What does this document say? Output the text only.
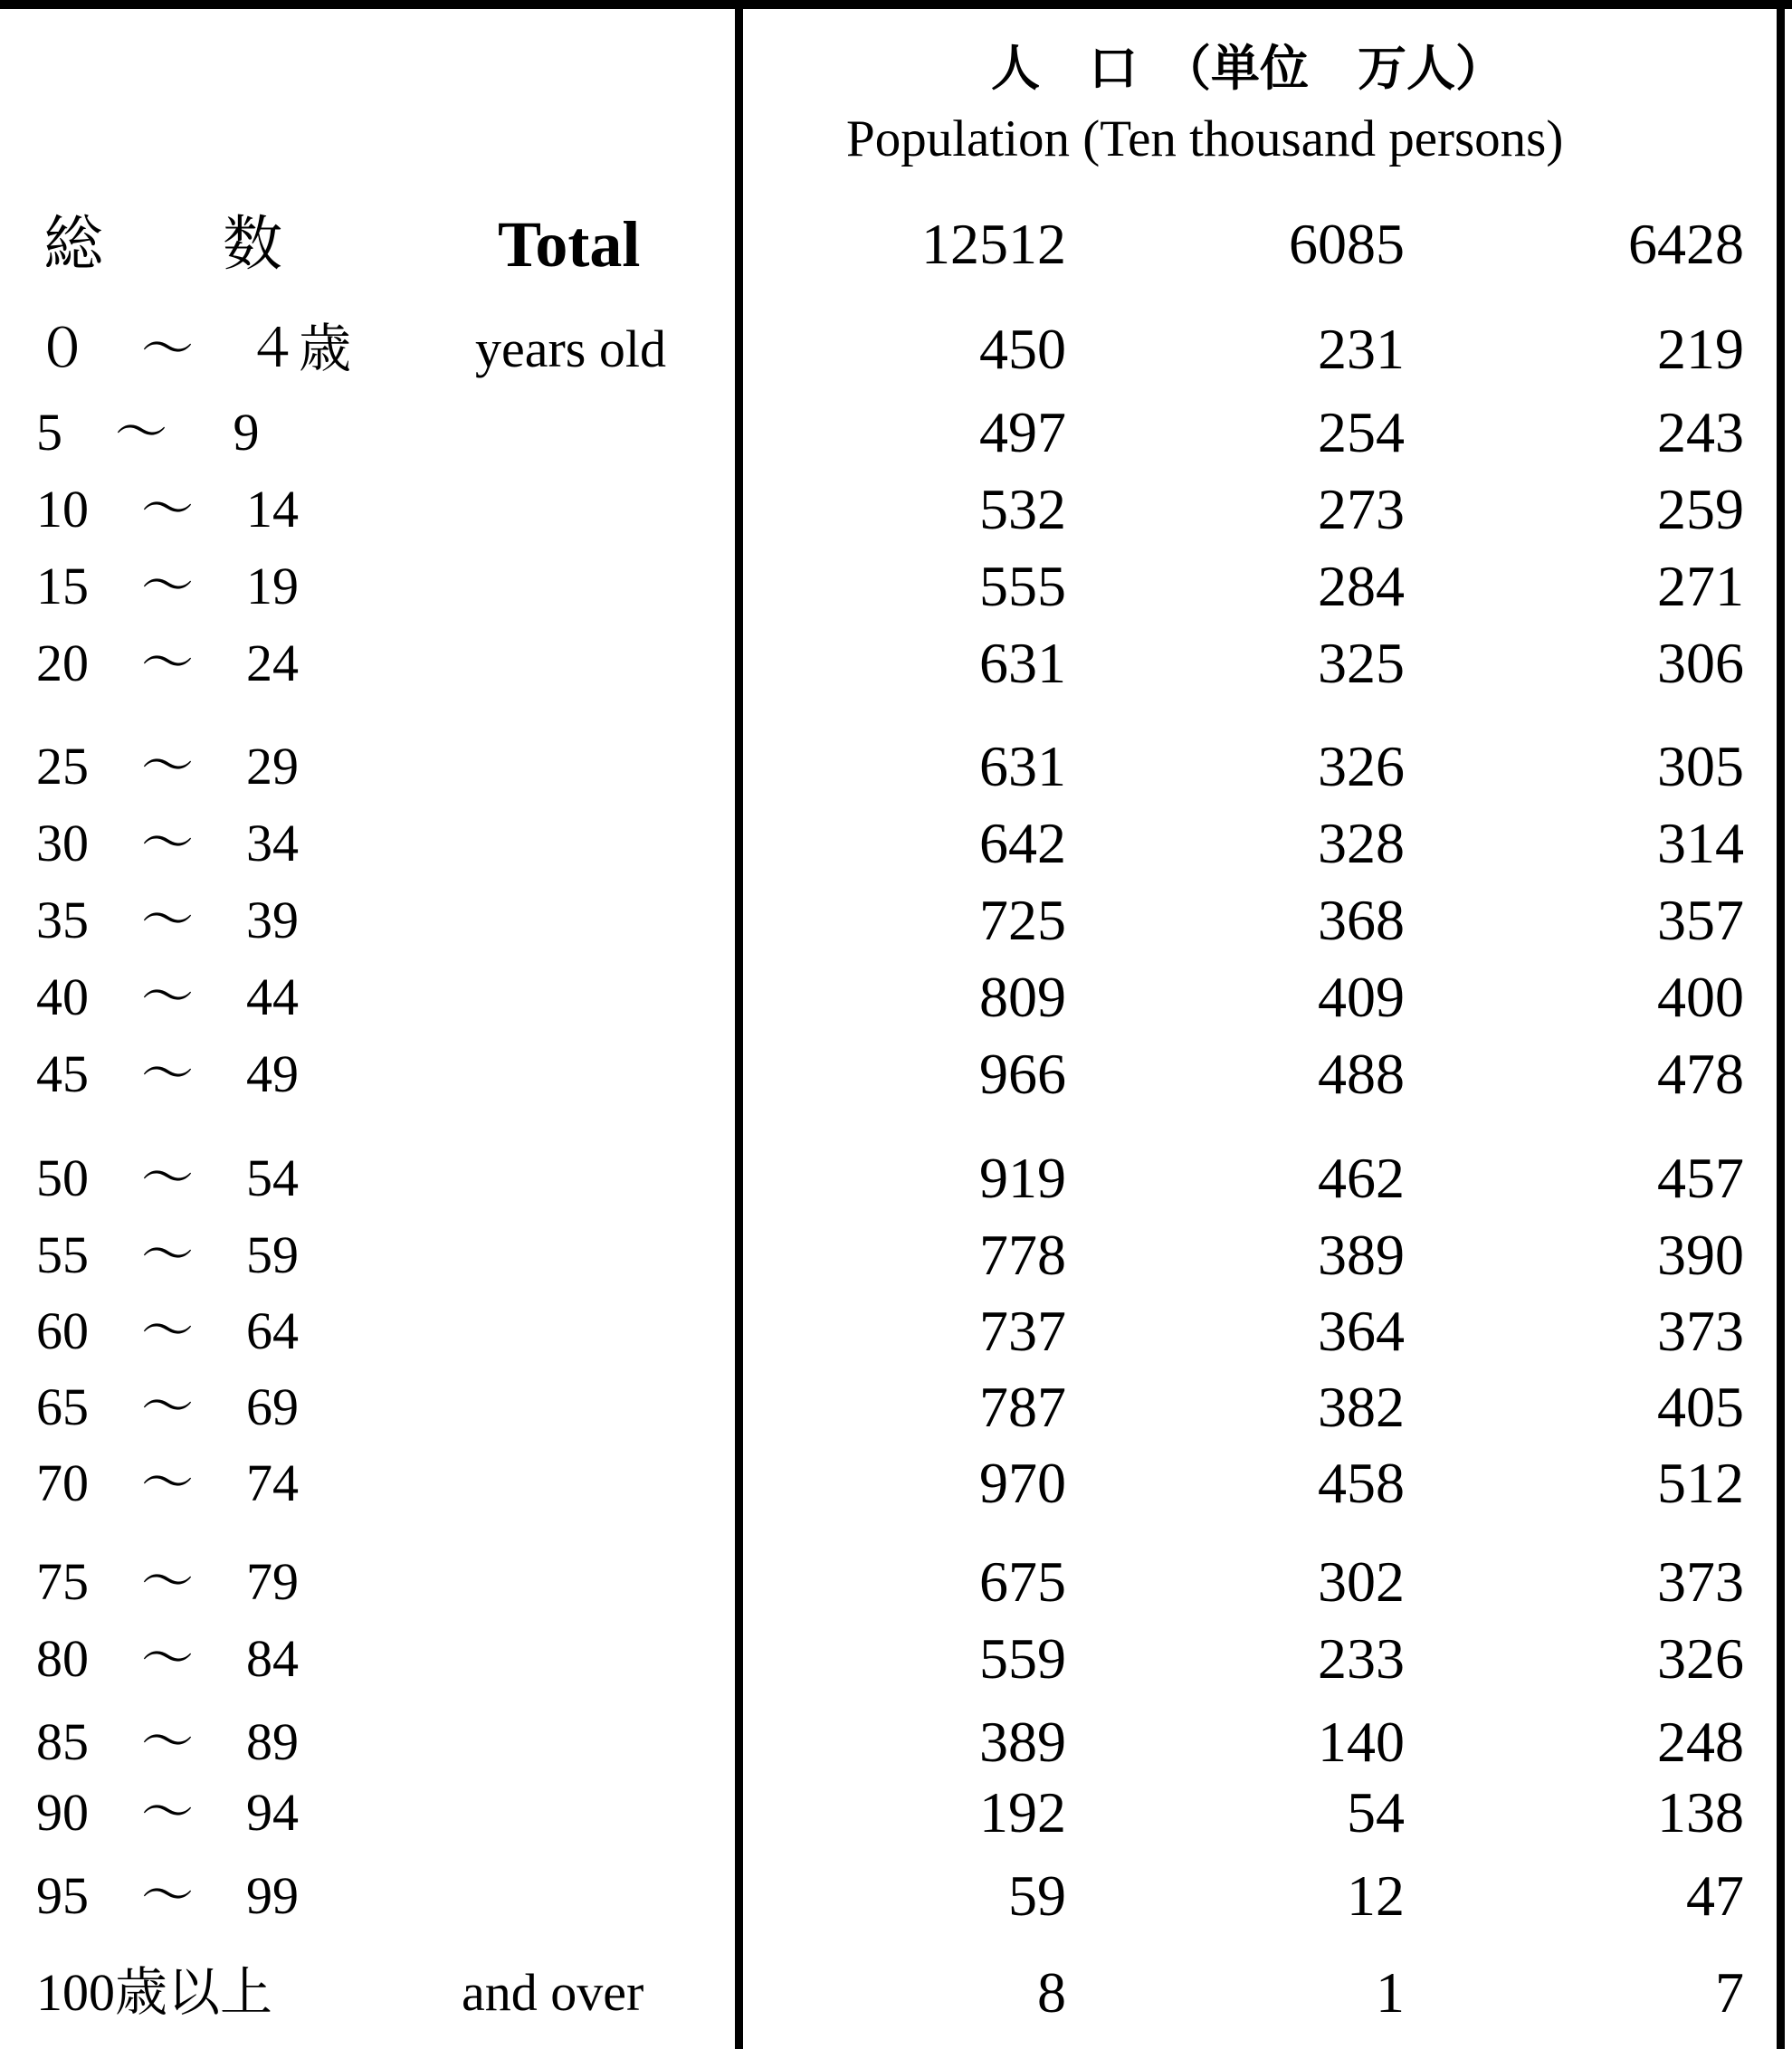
人　口　（単位　万人）
Population (Ten thousand persons)
総　　数	Total	12512	6085	6428
０　～　４歳	years old	450	231	219
5　～　 9	497	254	243
10　～　14	532	273	259
15　～　19	555	284	271
20　～　24	631	325	306
25　～　29	631	326	305
30　～　34	642	328	314
35　～　39	725	368	357
40　～　44	809	409	400
45　～　49	966	488	478
50　～　54	919	462	457
55　～　59	778	389	390
60　～　64	737	364	373
65　～　69	787	382	405
70　～　74	970	458	512
75　～　79	675	302	373
80　～　84	559	233	326
85　～　89	389	140	248
90　～　94	192	54	138
95　～　99	59	12	47
100歳以上	and over	8	1	7
